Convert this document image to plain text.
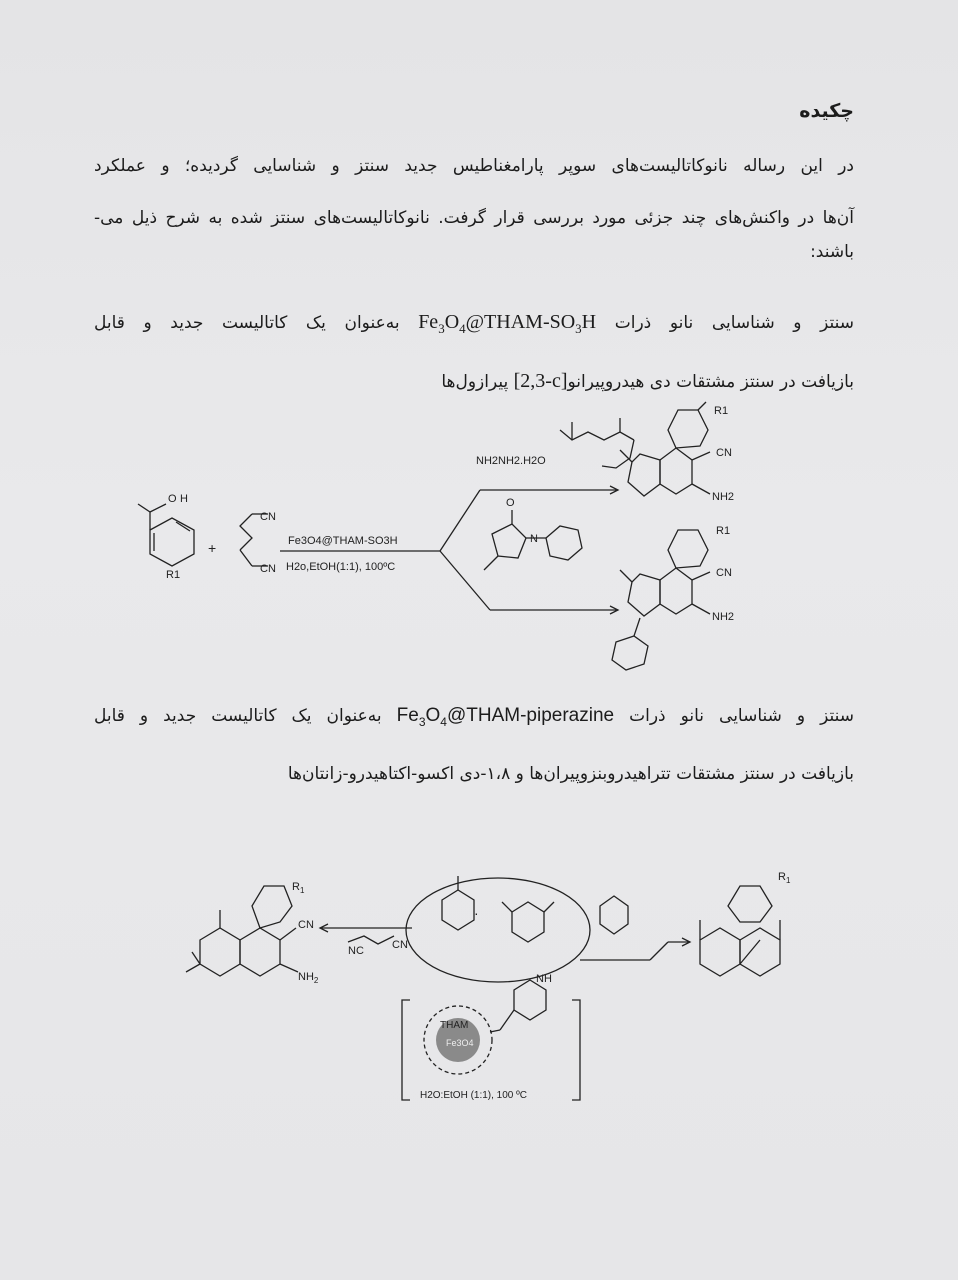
چکیده
در این رساله نانوکاتالیست‌های سوپر پارامغناطیس جدید سنتز و شناسایی گردیده؛ و عملکرد
آن‌ها در واکنش‌های چند جزئی مورد بررسی قرار گرفت. نانوکاتالیست‌های سنتز شده به شرح ذیل می-
باشند:
سنتز و شناسایی نانو ذرات $Fe_3O_4@THAM-SO_3H$ به‌عنوان یک کاتالیست جدید و قابل
بازیافت در سنتز مشتقات دی هیدروپیرانو[2,3-c] پیرازول‌ها
O H
R1
+
CN
CN
Fe3O4@THAM-SO3H
H2o,EtOH(1:1), 100ºC
NH2NH2.H2O
O
N
R1
CN
NH2
R1
CN
NH2
سنتز و شناسایی نانو ذرات $Fe_3O_4@THAM$-piperazine به‌عنوان یک کاتالیست جدید و قابل
بازیافت در سنتز مشتقات تتراهیدروبنزوپیران‌ها و ۱،۸-دی اکسو-اکتاهیدرو-زانتان‌ها
$R_1$
CN
$NH_2$
NC	CN
·
NH
$R_1$
THAM
Fe3O4
H2O:EtOH (1:1), 100 ºC
